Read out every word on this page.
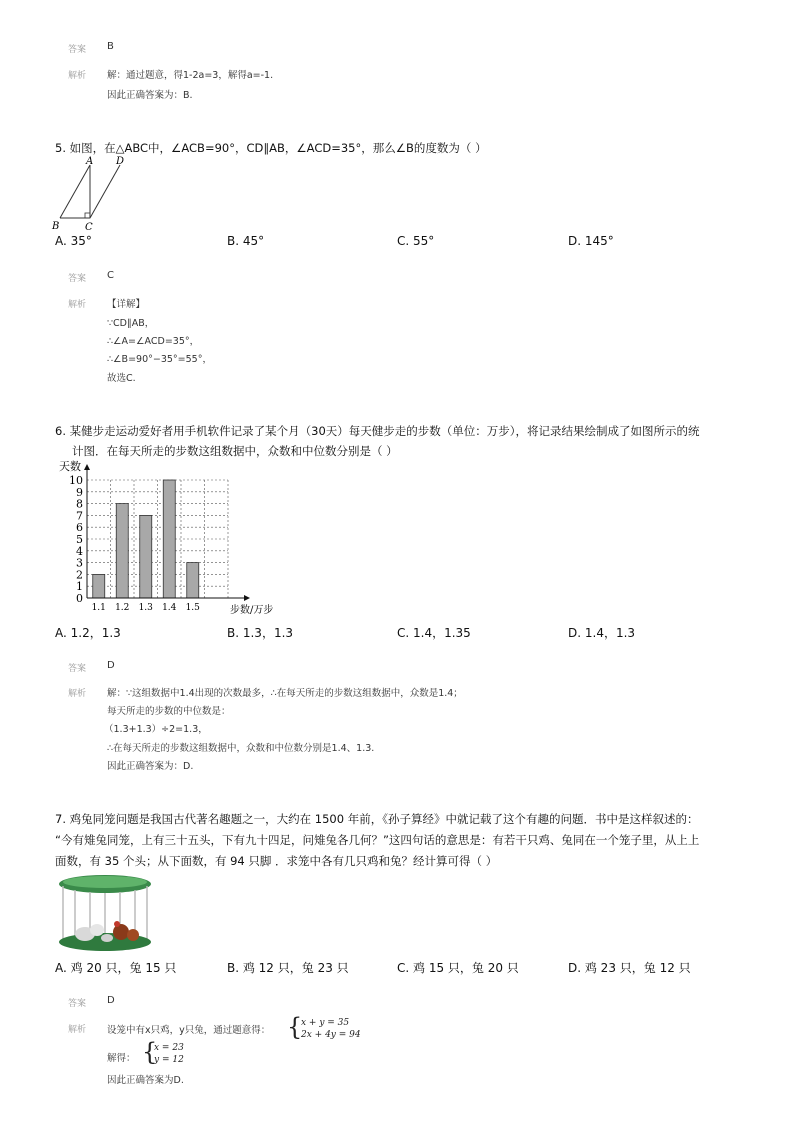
答案 B
解析 解：通过题意，得1-2a=3，解得a=-1.
因此正确答案为：B.
5. 如图，在△ABC中，∠ACB=90°，CD∥AB，∠ACD=35°，那么∠B的度数为（ ）
A D
B	C
A. 35°	B. 45°	C. 55°	D. 145°
答案 C
解析 【详解】
∵CD∥AB，
∴∠A=∠ACD=35°，
∴∠B=90°−35°=55°，
故选C.
6. 某健步走运动爱好者用手机软件记录了某个月（30天）每天健步走的步数（单位：万步），将记录结果绘制成了如图所示的统
计图．在每天所走的步数这组数据中，众数和中位数分别是（ ）
1.1 1.2 1.3 1.4 1.5
0
1
2
3
4
5
6
7
8
9
10
天数
步数/万步
A. 1.2，1.3	B. 1.3，1.3	C. 1.4，1.35	D. 1.4，1.3
答案 D
解析 解：∵这组数据中1.4出现的次数最多，∴在每天所走的步数这组数据中，众数是1.4；
每天所走的步数的中位数是：
（1.3+1.3）÷2=1.3，
∴在每天所走的步数这组数据中，众数和中位数分别是1.4、1.3.
因此正确答案为：D.
7. 鸡兔同笼问题是我国古代著名趣题之一，大约在 1500 年前，《孙子算经》中就记载了这个有趣的问题．书中是这样叙述的：
“今有雉兔同笼，上有三十五头，下有九十四足，问雉兔各几何？”这四句话的意思是：有若干只鸡、兔同在一个笼子里，从上上
面数，有 35 个头；从下面数，有 94 只脚 ．求笼中各有几只鸡和兔？经计算可得（ ）
A. 鸡 20 只，兔 15 只	B. 鸡 12 只，兔 23 只	C. 鸡 15 只，兔 20 只	D. 鸡 23 只，兔 12 只
答案 D
解析 设笼中有x只鸡，y只兔，通过题意得： {
x + y = 35
2x + 4y = 94
解得： {
x = 23
y = 12
因此正确答案为D.
